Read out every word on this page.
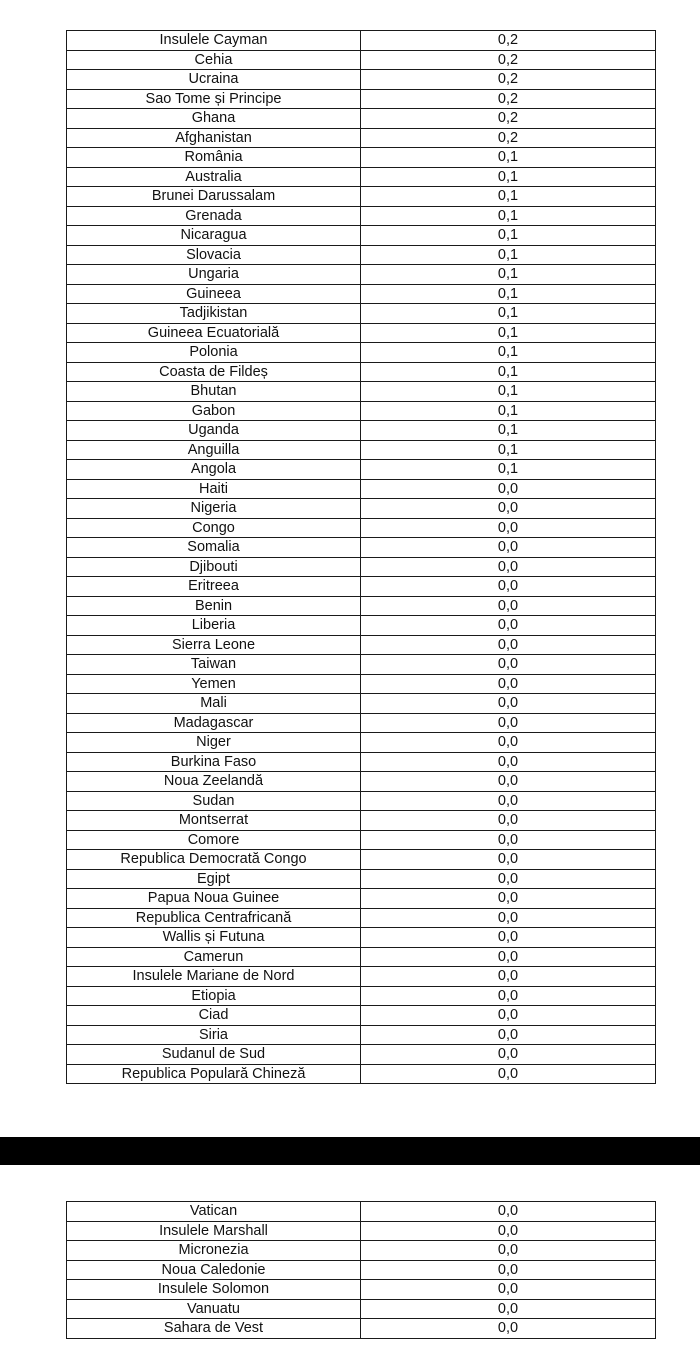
Insulele Cayman	0,2
Cehia	0,2
Ucraina	0,2
Sao Tome și Principe	0,2
Ghana	0,2
Afghanistan	0,2
România	0,1
Australia	0,1
Brunei Darussalam	0,1
Grenada	0,1
Nicaragua	0,1
Slovacia	0,1
Ungaria	0,1
Guineea	0,1
Tadjikistan	0,1
Guineea Ecuatorială	0,1
Polonia	0,1
Coasta de Fildeș	0,1
Bhutan	0,1
Gabon	0,1
Uganda	0,1
Anguilla	0,1
Angola	0,1
Haiti	0,0
Nigeria	0,0
Congo	0,0
Somalia	0,0
Djibouti	0,0
Eritreea	0,0
Benin	0,0
Liberia	0,0
Sierra Leone	0,0
Taiwan	0,0
Yemen	0,0
Mali	0,0
Madagascar	0,0
Niger	0,0
Burkina Faso	0,0
Noua Zeelandă	0,0
Sudan	0,0
Montserrat	0,0
Comore	0,0
Republica Democrată Congo	0,0
Egipt	0,0
Papua Noua Guinee	0,0
Republica Centrafricană	0,0
Wallis și Futuna	0,0
Camerun	0,0
Insulele Mariane de Nord	0,0
Etiopia	0,0
Ciad	0,0
Siria	0,0
Sudanul de Sud	0,0
Republica Populară Chineză	0,0
Vatican	0,0
Insulele Marshall	0,0
Micronezia	0,0
Noua Caledonie	0,0
Insulele Solomon	0,0
Vanuatu	0,0
Sahara de Vest	0,0
